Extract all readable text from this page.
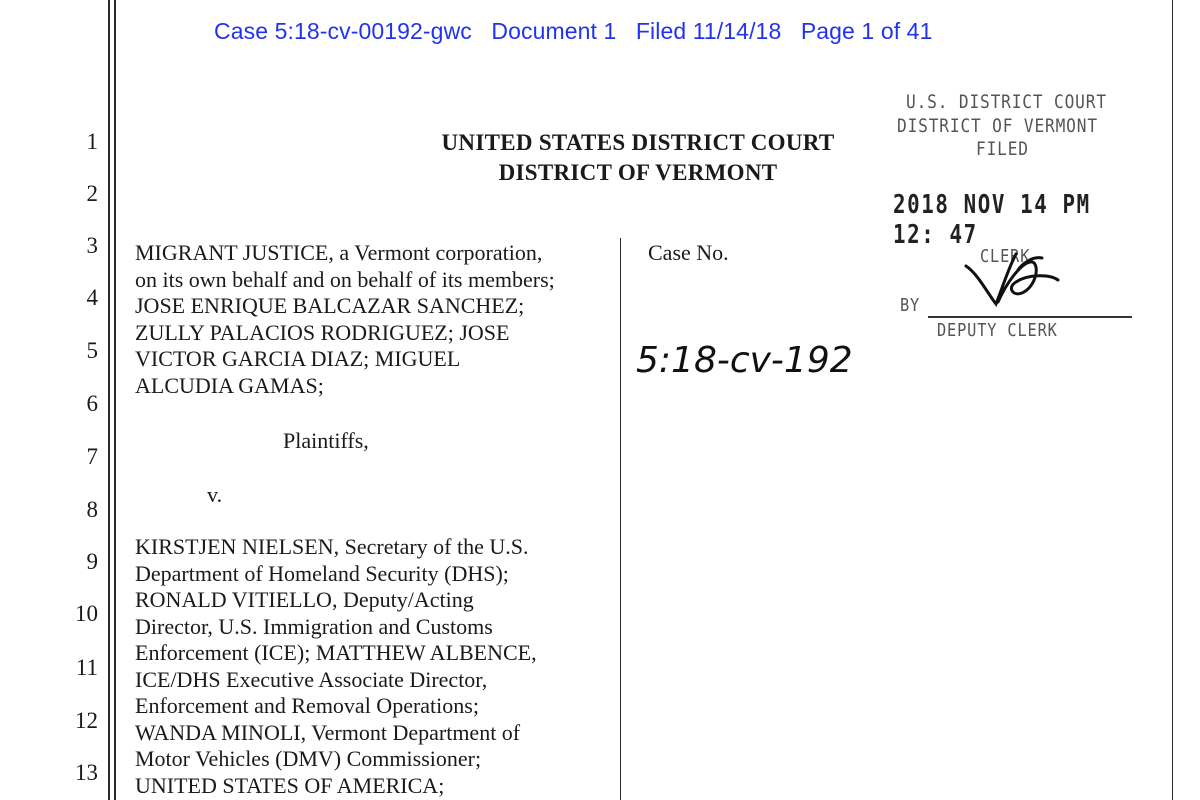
Case 5:18-cv-00192-gwc Document 1 Filed 11/14/18 Page 1 of 41
1
2
3
4
5
6
7
8
9
10
11
12
13
UNITED STATES DISTRICT COURT
DISTRICT OF VERMONT
U.S. DISTRICT COURT
DISTRICT OF VERMONT
FILED
2018 NOV 14 PM 12: 47
CLERK
BY
DEPUTY CLERK
MIGRANT JUSTICE, a Vermont corporation,
on its own behalf and on behalf of its members;
JOSE ENRIQUE BALCAZAR SANCHEZ;
ZULLY PALACIOS RODRIGUEZ; JOSE
VICTOR GARCIA DIAZ; MIGUEL
ALCUDIA GAMAS;
Plaintiffs,
v.
KIRSTJEN NIELSEN, Secretary of the U.S.
Department of Homeland Security (DHS);
RONALD VITIELLO, Deputy/Acting
Director, U.S. Immigration and Customs
Enforcement (ICE); MATTHEW ALBENCE,
ICE/DHS Executive Associate Director,
Enforcement and Removal Operations;
WANDA MINOLI, Vermont Department of
Motor Vehicles (DMV) Commissioner;
UNITED STATES OF AMERICA;
Case No.
5:18-cv-192
